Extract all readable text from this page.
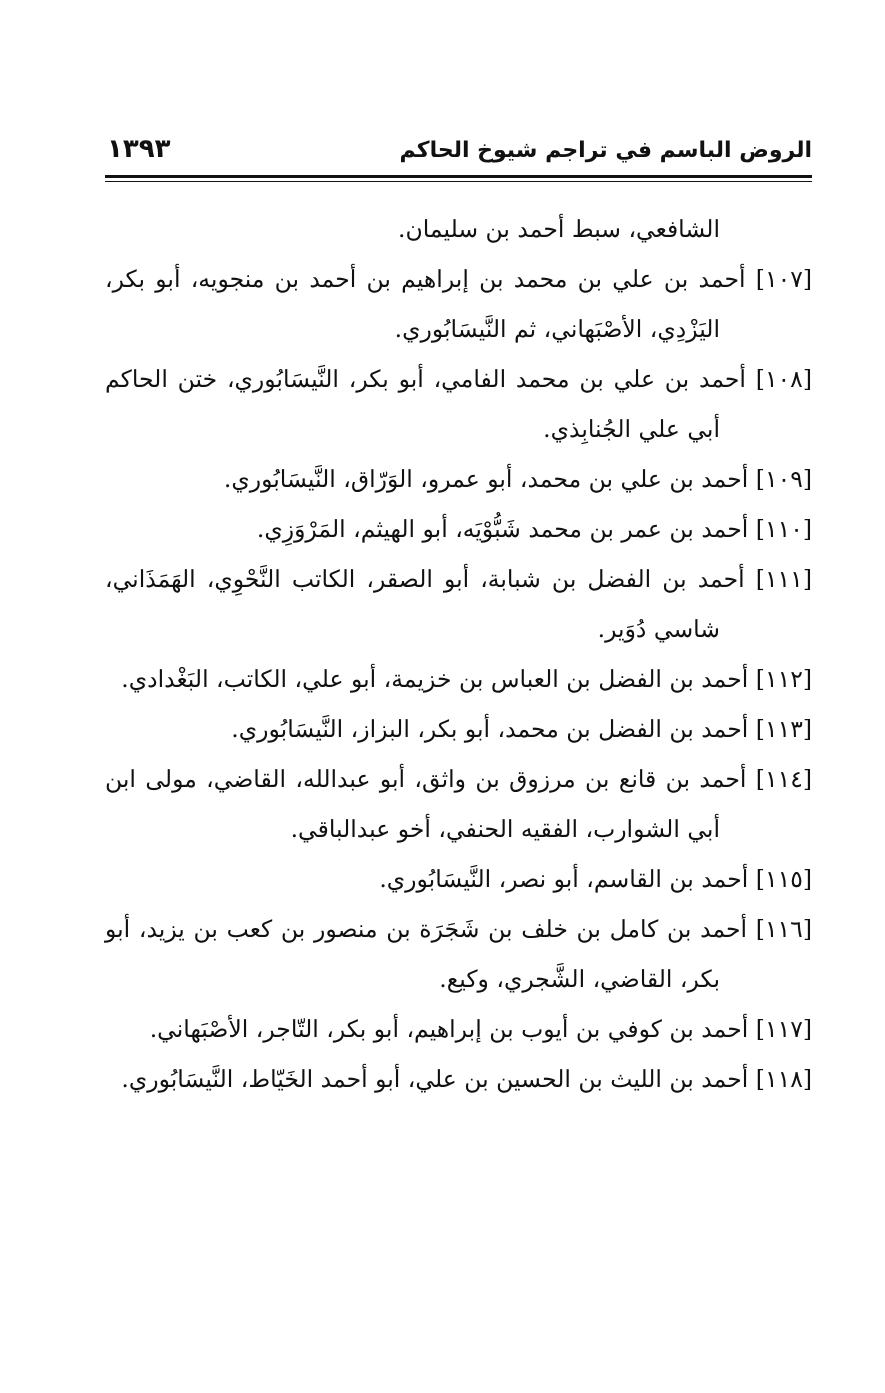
الروض الباسم في تراجم شيوخ الحاكم
١٣٩٣

الشافعي، سبط أحمد بن سليمان.

[١٠٧] أحمد بن علي بن محمد بن إبراهيم بن أحمد بن منجويه، أبو بكر، اليَزْدِي، الأصْبَهاني، ثم النَّيسَابُوري.

[١٠٨] أحمد بن علي بن محمد الفامي، أبو بكر، النَّيسَابُوري، ختن الحاكم أبي علي الجُنابِذي.

[١٠٩] أحمد بن علي بن محمد، أبو عمرو، الوَرّاق، النَّيسَابُوري.

[١١٠] أحمد بن عمر بن محمد شَبُّوْيَه، أبو الهيثم، المَرْوَزِي.

[١١١] أحمد بن الفضل بن شبابة، أبو الصقر، الكاتب النَّحْوِي، الهَمَذَاني، شاسي دُوَير.

[١١٢] أحمد بن الفضل بن العباس بن خزيمة، أبو علي، الكاتب، البَغْدادي.

[١١٣] أحمد بن الفضل بن محمد، أبو بكر، البزاز، النَّيسَابُوري.

[١١٤] أحمد بن قانع بن مرزوق بن واثق، أبو عبدالله، القاضي، مولى ابن أبي الشوارب، الفقيه الحنفي، أخو عبدالباقي.

[١١٥] أحمد بن القاسم، أبو نصر، النَّيسَابُوري.

[١١٦] أحمد بن كامل بن خلف بن شَجَرَة بن منصور بن كعب بن يزيد، أبو بكر، القاضي، الشَّجري، وكيع.

[١١٧] أحمد بن كوفي بن أيوب بن إبراهيم، أبو بكر، التّاجر، الأصْبَهاني.

[١١٨] أحمد بن الليث بن الحسين بن علي، أبو أحمد الخَيّاط، النَّيسَابُوري.
